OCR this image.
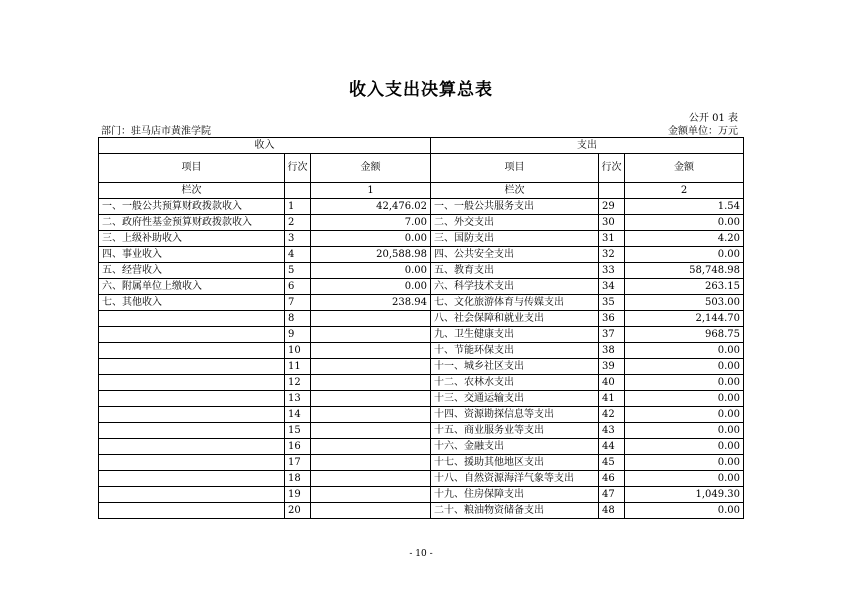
收入支出决算总表
公开 01 表
部门：驻马店市黄淮学院	金额单位：万元
收入			支出		
项目	行次	金额	项目	行次	金额
栏次		1	栏次		2
一、一般公共预算财政拨款收入	1	42,476.02	一、一般公共服务支出	29	1.54
二、政府性基金预算财政拨款收入	2	7.00	二、外交支出	30	0.00
三、上级补助收入	3	0.00	三、国防支出	31	4.20
四、事业收入	4	20,588.98	四、公共安全支出	32	0.00
五、经营收入	5	0.00	五、教育支出	33	58,748.98
六、附属单位上缴收入	6	0.00	六、科学技术支出	34	263.15
七、其他收入	7	238.94	七、文化旅游体育与传媒支出	35	503.00
	8		八、社会保障和就业支出	36	2,144.70
	9		九、卫生健康支出	37	968.75
	10		十、节能环保支出	38	0.00
	11		十一、城乡社区支出	39	0.00
	12		十二、农林水支出	40	0.00
	13		十三、交通运输支出	41	0.00
	14		十四、资源勘探信息等支出	42	0.00
	15		十五、商业服务业等支出	43	0.00
	16		十六、金融支出	44	0.00
	17		十七、援助其他地区支出	45	0.00
	18		十八、自然资源海洋气象等支出	46	0.00
	19		十九、住房保障支出	47	1,049.30
	20		二十、粮油物资储备支出	48	0.00
- 10 -
